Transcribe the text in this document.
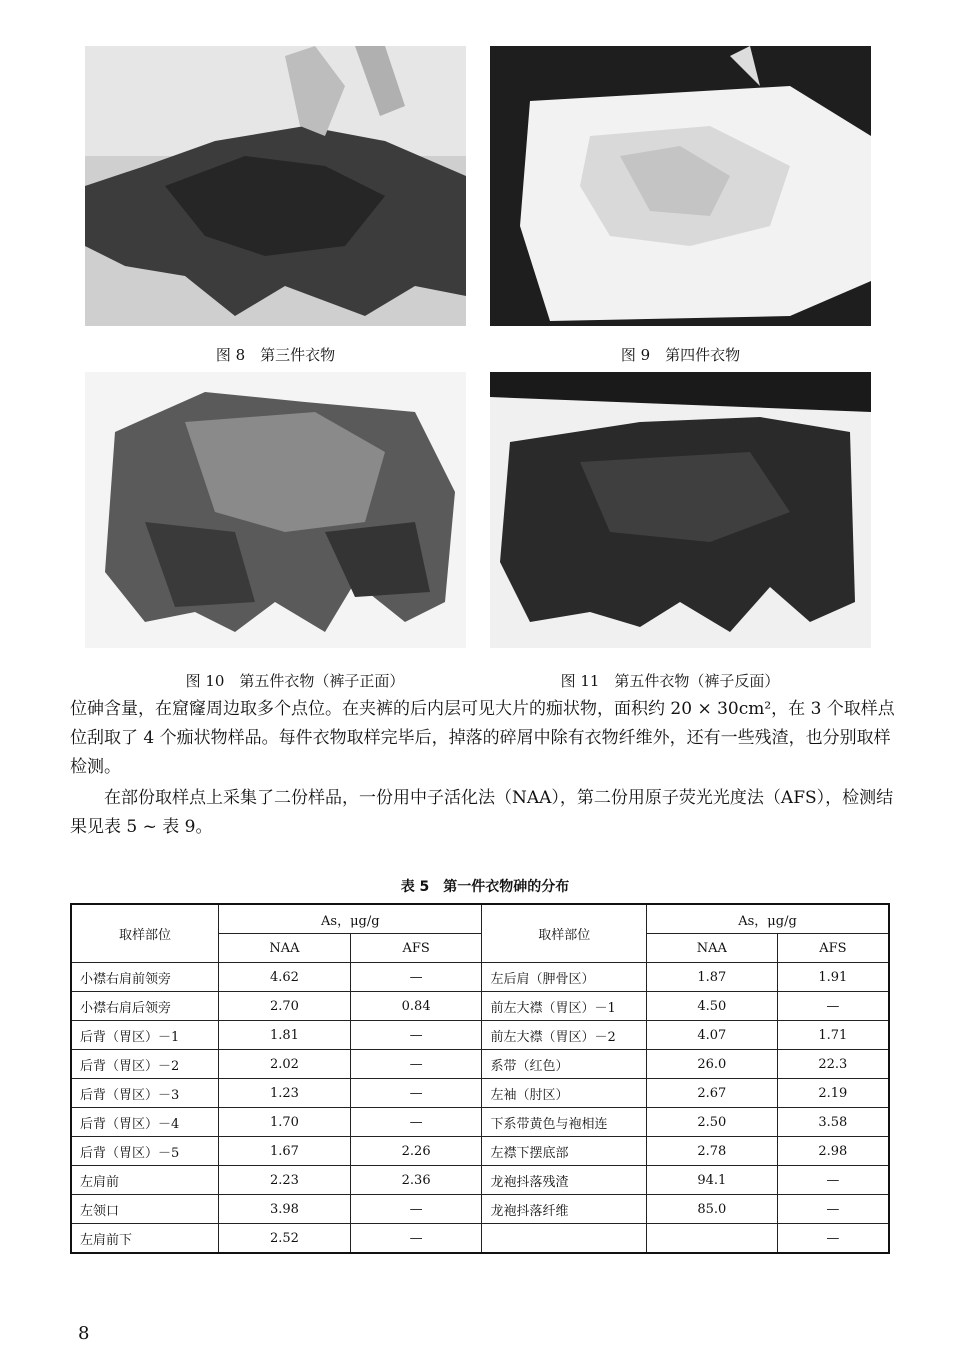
图 8　第三件衣物	图 9　第四件衣物
图 10　第五件衣物（裤子正面）	图 11　第五件衣物（裤子反面）

位砷含量，在窟窿周边取多个点位。在夹裤的后内层可见大片的痂状物，面积约 20 × 30cm²，在 3 个取样点位刮取了 4 个痂状物样品。每件衣物取样完毕后，掉落的碎屑中除有衣物纤维外，还有一些残渣，也分别取样检测。

在部份取样点上采集了二份样品，一份用中子活化法（NAA），第二份用原子荧光光度法（AFS），检测结果见表 5 ~ 表 9。

表 5　第一件衣物砷的分布
取样部位	As，μg/g		取样部位	As，μg/g	
	NAA	AFS		NAA	AFS
小襟右肩前领旁	4.62	—	左后肩（胛骨区）	1.87	1.91
小襟右肩后领旁	2.70	0.84	前左大襟（胃区）－1	4.50	—
后背（胃区）－1	1.81	—	前左大襟（胃区）－2	4.07	1.71
后背（胃区）－2	2.02	—	系带（红色）	26.0	22.3
后背（胃区）－3	1.23	—	左袖（肘区）	2.67	2.19
后背（胃区）－4	1.70	—	下系带黄色与袍相连	2.50	3.58
后背（胃区）－5	1.67	2.26	左襟下摆底部	2.78	2.98
左肩前	2.23	2.36	龙袍抖落残渣	94.1	—
左领口	3.98	—	龙袍抖落纤维	85.0	—
左肩前下	2.52	—			—
8
